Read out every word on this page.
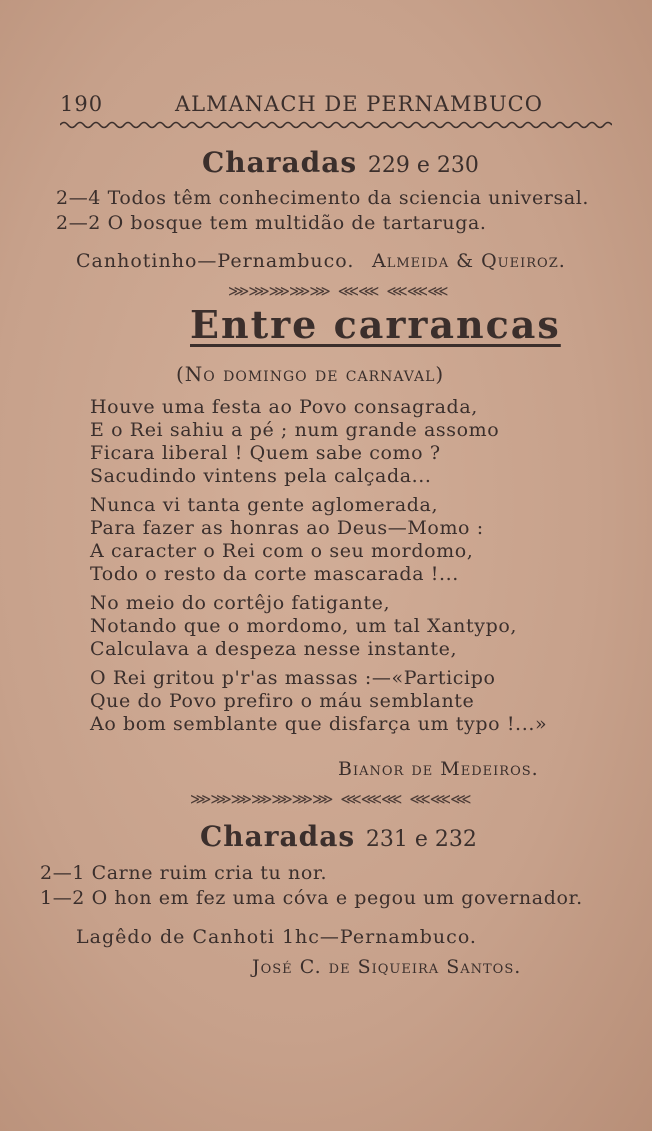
190	ALMANACH DE PERNAMBUCO
Charadas 229 e 230
2—4 Todos têm conhecimento da sciencia universal.
2—2 O bosque tem multidão de tartaruga.
Canhotinho—Pernambuco. Almeida & Queiroz.
⋙⋙⋙⋙⋙ ⋘⋘ ⋘⋘⋘
Entre carrancas
(No domingo de carnaval)
Houve uma festa ao Povo consagrada,
E o Rei sahiu a pé ; num grande assomo
Ficara liberal ! Quem sabe como ?
Sacudindo vintens pela calçada...
Nunca vi tanta gente aglomerada,
Para fazer as honras ao Deus—Momo :
A caracter o Rei com o seu mordomo,
Todo o resto da corte mascarada !...
No meio do cortêjo fatigante,
Notando que o mordomo, um tal Xantypo,
Calculava a despeza nesse instante,
O Rei gritou p'r'as massas :—«Participo
Que do Povo prefiro o máu semblante
Ao bom semblante que disfarça um typo !...»
Bianor de Medeiros.
⋙⋙⋙⋙⋙⋙⋙ ⋘⋘⋘ ⋘⋘⋘
Charadas 231 e 232
2—1 Carne ruim cria tu nor.
1—2 O hon em fez uma cóva e pegou um governador.
Lagêdo de Canhoti 1hc—Pernambuco.
José C. de Siqueira Santos.
